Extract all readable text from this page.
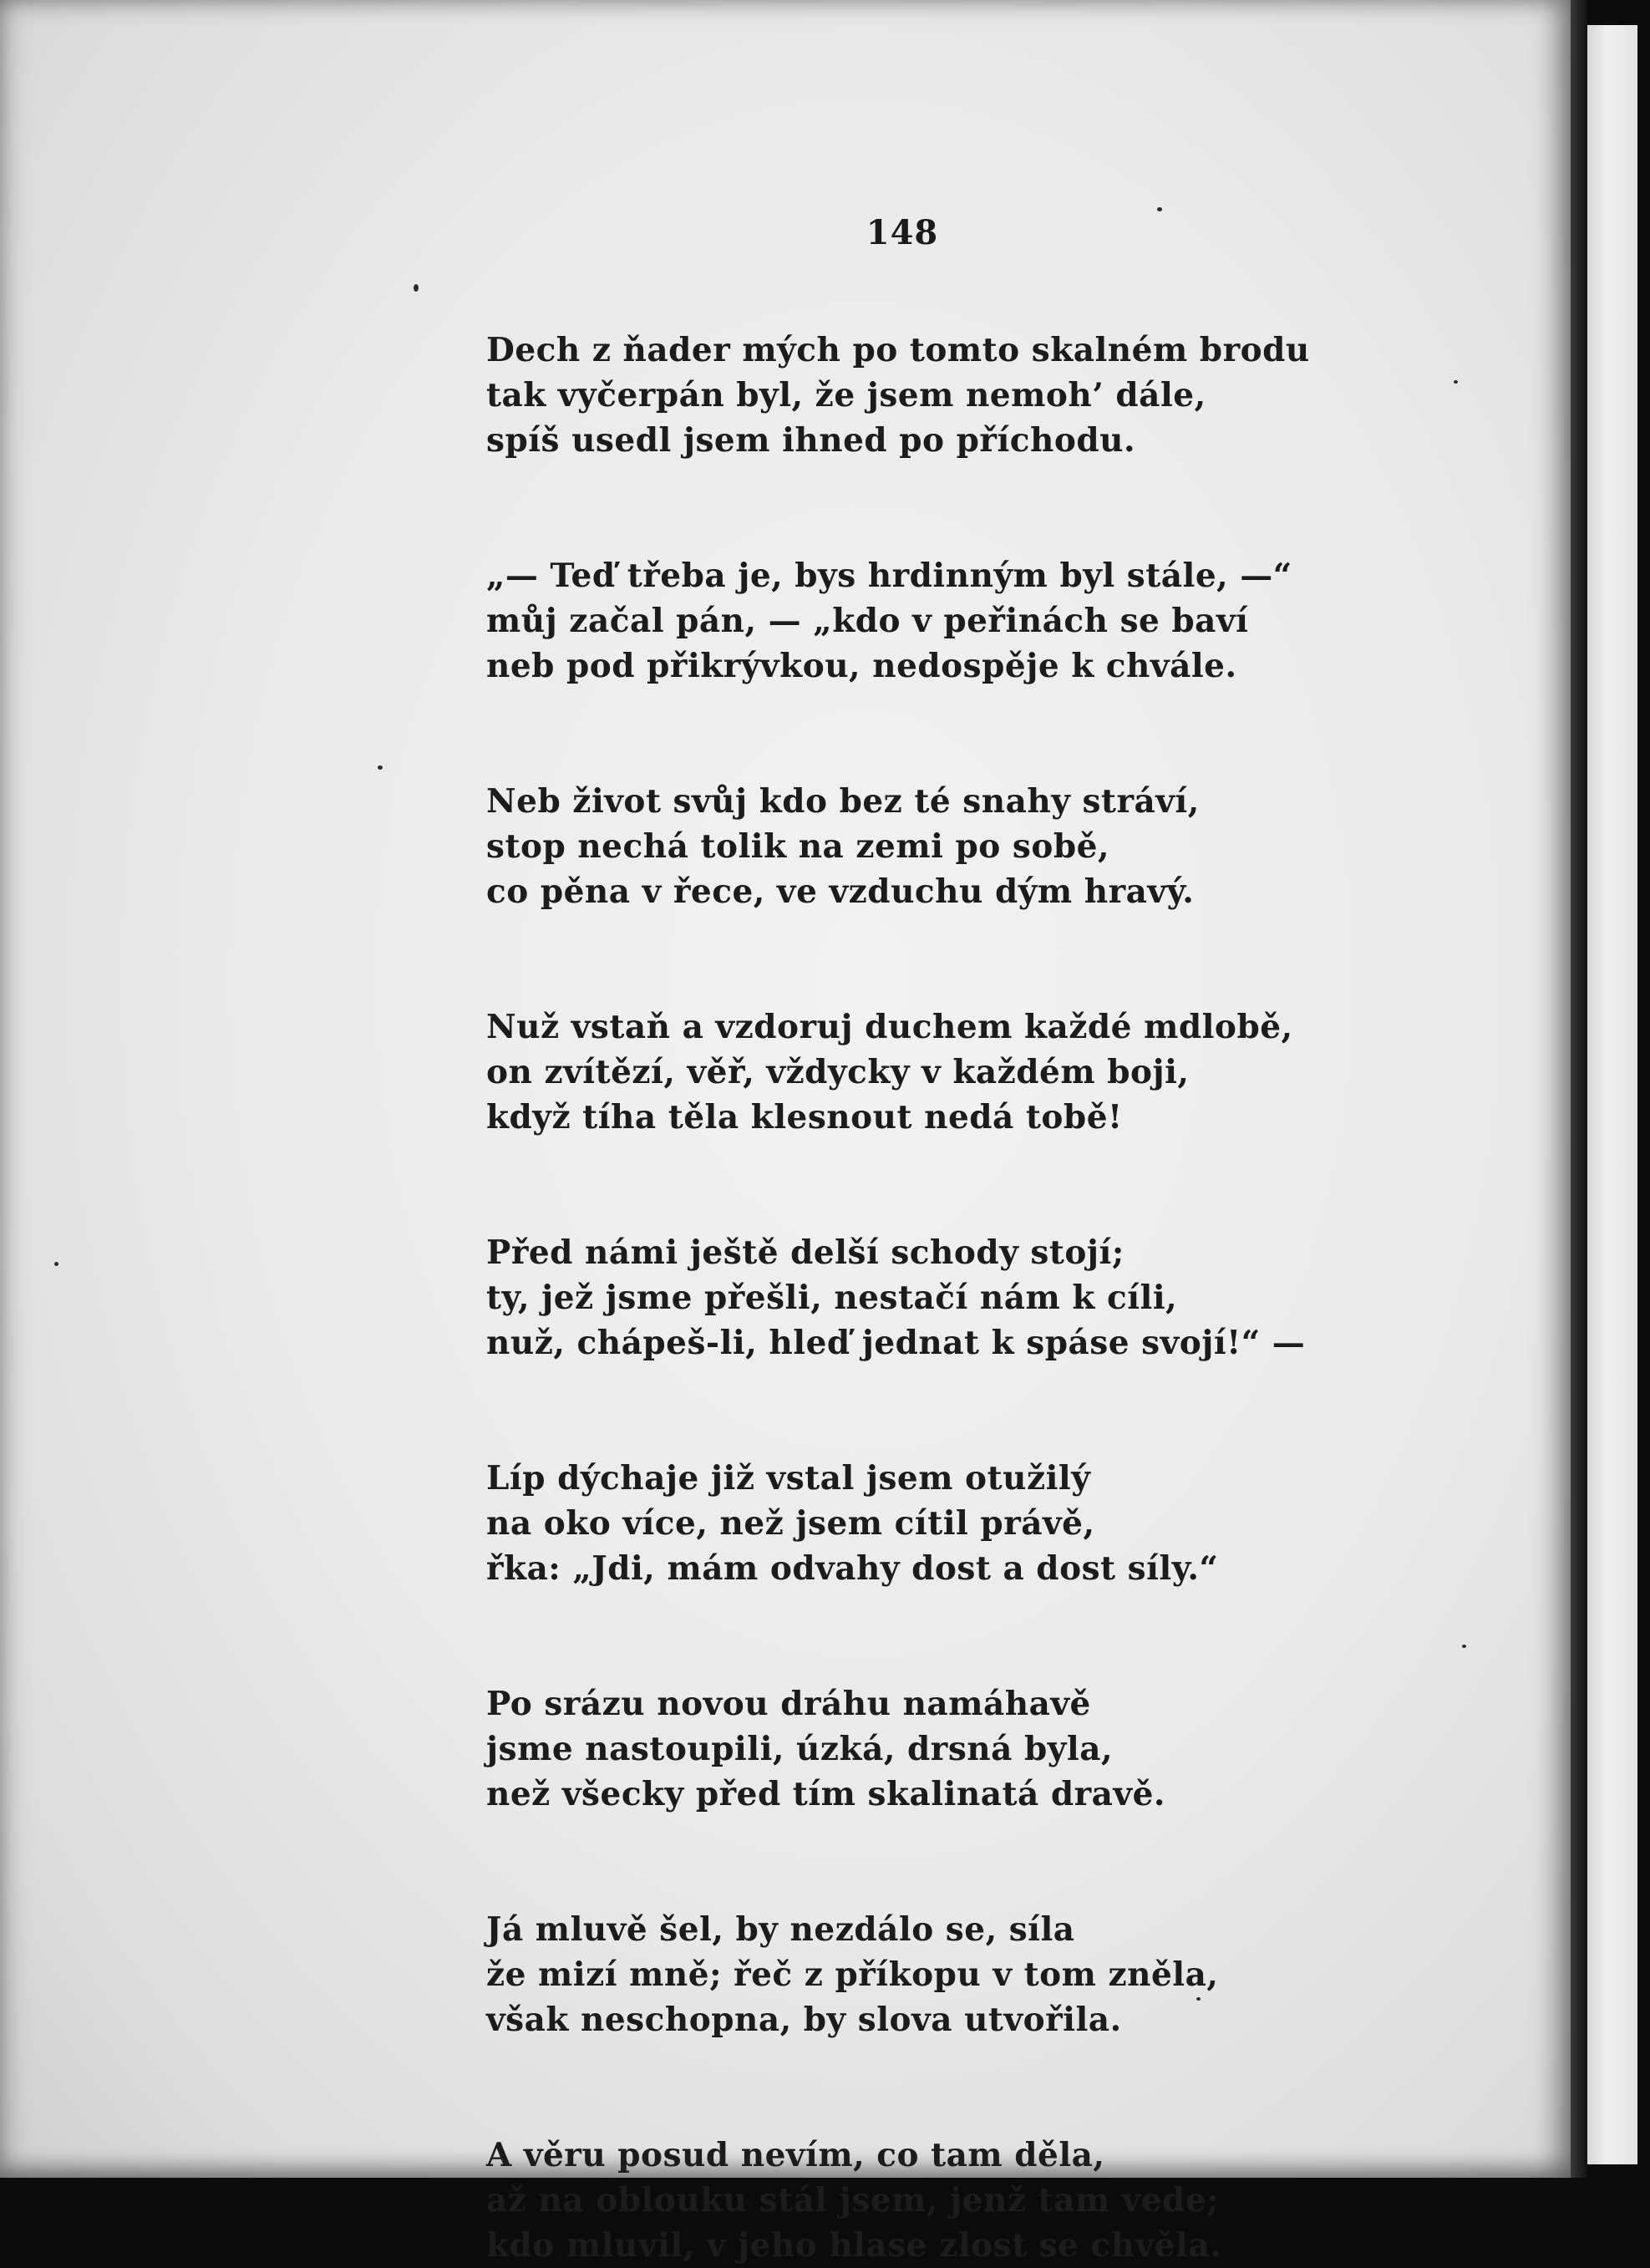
148
Dech z ňader mých po tomto skalném brodu
tak vyčerpán byl, že jsem nemoh’ dále,
spíš usedl jsem ihned po příchodu.
„— Teď třeba je, bys hrdinným byl stále, —“
můj začal pán, — „kdo v peřinách se baví
neb pod přikrývkou, nedospěje k chvále.
Neb život svůj kdo bez té snahy stráví,
stop nechá tolik na zemi po sobě,
co pěna v řece, ve vzduchu dým hravý.
Nuž vstaň a vzdoruj duchem každé mdlobě,
on zvítězí, věř, vždycky v každém boji,
když tíha těla klesnout nedá tobě!
Před námi ještě delší schody stojí;
ty, jež jsme přešli, nestačí nám k cíli,
nuž, chápeš-li, hleď jednat k spáse svojí!“ —
Líp dýchaje již vstal jsem otužilý
na oko více, než jsem cítil právě,
řka: „Jdi, mám odvahy dost a dost síly.“
Po srázu novou dráhu namáhavě
jsme nastoupili, úzká, drsná byla,
než všecky před tím skalinatá dravě.
Já mluvě šel, by nezdálo se, síla
že mizí mně; řeč z příkopu v tom zněla,
však neschopna, by slova utvořila.
A věru posud nevím, co tam děla,
až na oblouku stál jsem, jenž tam vede;
kdo mluvil, v jeho hlase zlost se chvěla.
